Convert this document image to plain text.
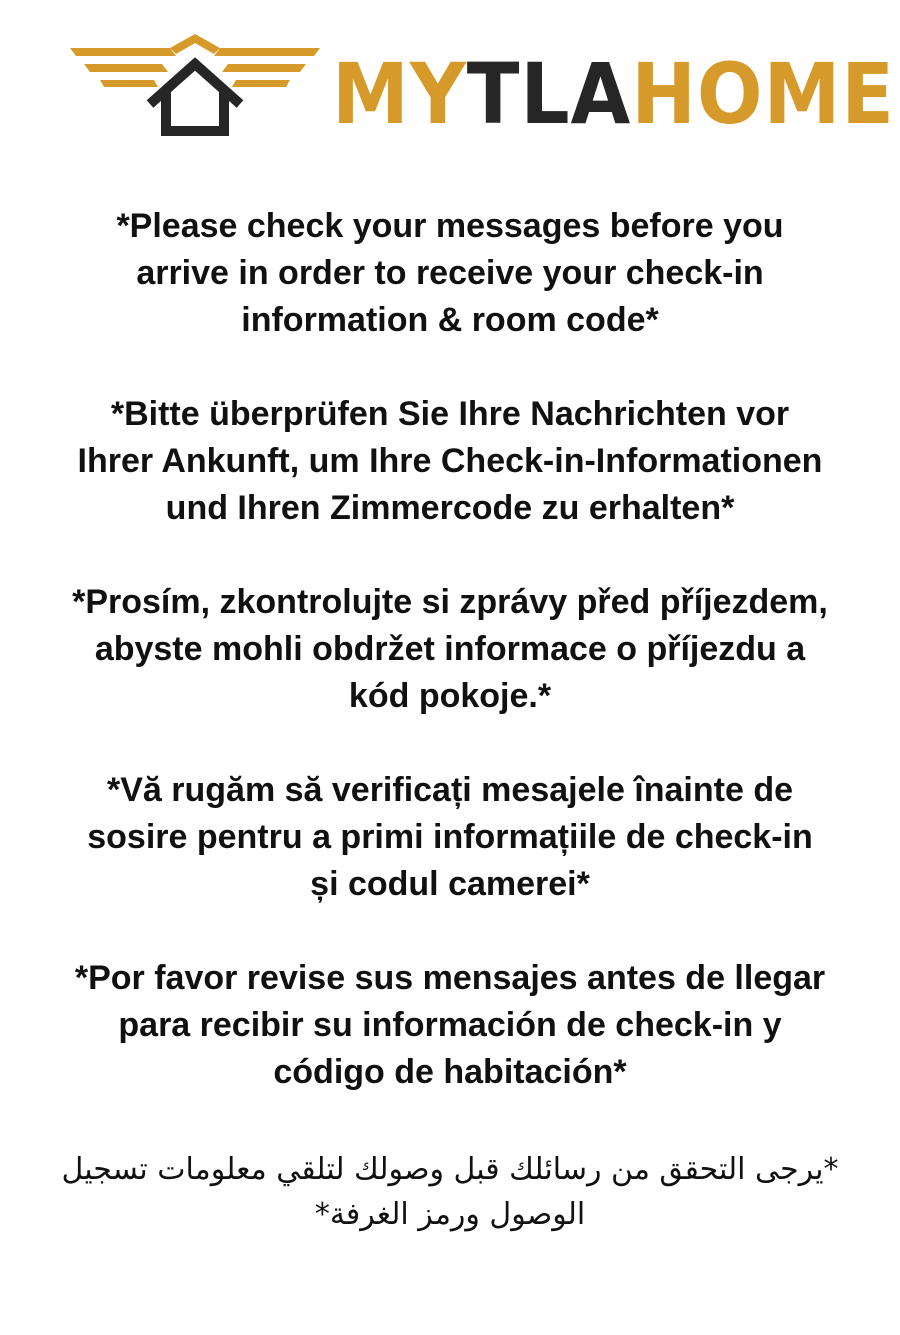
MYTLAHOME

*Please check your messages before you
arrive in order to receive your check-in
information & room code*

*Bitte überprüfen Sie Ihre Nachrichten vor
Ihrer Ankunft, um Ihre Check-in-Informationen
und Ihren Zimmercode zu erhalten*

*Prosím, zkontrolujte si zprávy před příjezdem,
abyste mohli obdržet informace o příjezdu a
kód pokoje.*

*Vă rugăm să verificați mesajele înainte de
sosire pentru a primi informațiile de check-in
și codul camerei*

*Por favor revise sus mensajes antes de llegar
para recibir su información de check-in y
código de habitación*

*يرجى التحقق من رسائلك قبل وصولك لتلقي معلومات تسجيل
الوصول ورمز الغرفة*
